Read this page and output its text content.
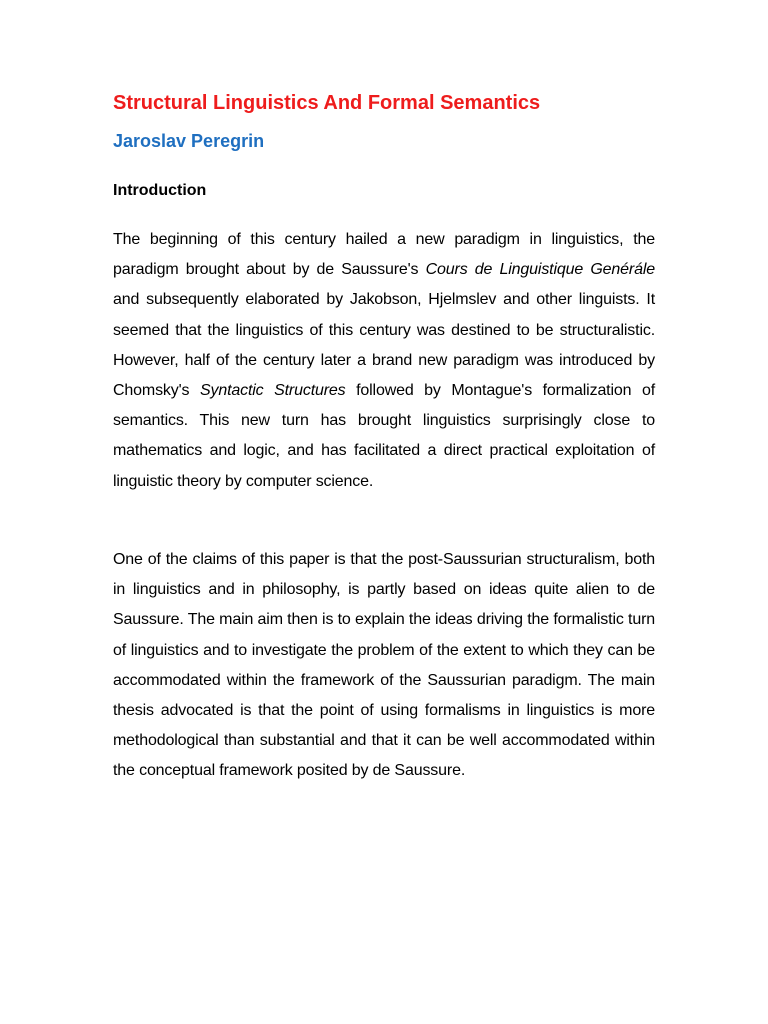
Structural Linguistics And Formal Semantics
Jaroslav Peregrin
Introduction

The beginning of this century hailed a new paradigm in linguistics, the paradigm brought about by de Saussure's Cours de Linguistique Genérále and subsequently elaborated by Jakobson, Hjelmslev and other linguists. It seemed that the linguistics of this century was destined to be structuralistic. However, half of the century later a brand new paradigm was introduced by Chomsky's Syntactic Structures followed by Montague's formalization of semantics. This new turn has brought linguistics surprisingly close to mathematics and logic, and has facilitated a direct practical exploitation of linguistic theory by computer science.

One of the claims of this paper is that the post-Saussurian structuralism, both in linguistics and in philosophy, is partly based on ideas quite alien to de Saussure. The main aim then is to explain the ideas driving the formalistic turn of linguistics and to investigate the problem of the extent to which they can be accommodated within the framework of the Saussurian paradigm. The main thesis advocated is that the point of using formalisms in linguistics is more methodological than substantial and that it can be well accommodated within the conceptual framework posited by de Saussure.
